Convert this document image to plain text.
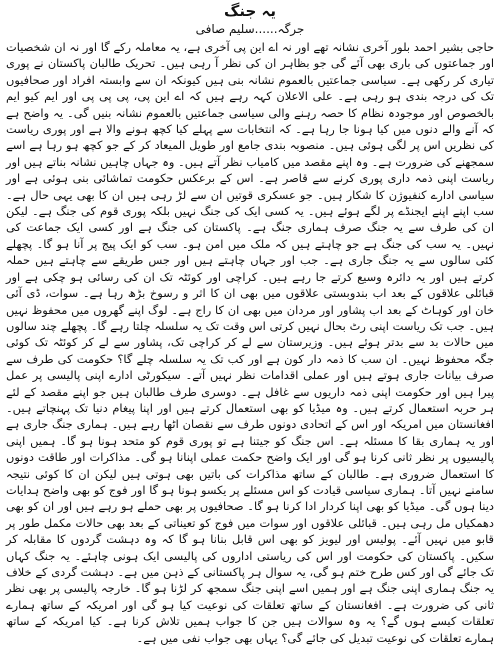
یہ جنگ
جرگہ......سلیم صافی

حاجی بشیر احمد بلور آخری نشانہ تھے اور نہ اے این پی آخری ہے، یہ معاملہ رکے گا اور نہ ان شخصیات اور جماعتوں کی باری بھی آئے گی جو بظاہر ان کی نظر آ رہی ہیں۔ تحریک طالبان پاکستان نے پوری تیاری کر رکھی ہے۔ سیاسی جماعتیں بالعموم نشانہ بنی ہیں کیونکہ ان سے وابستہ افراد اور صحافیوں تک کی درجہ بندی ہو رہی ہے۔ علی الاعلان کہہ رہے ہیں کہ اے این پی، پی پی پی اور ایم کیو ایم بالخصوص اور موجودہ نظام کا حصہ رہنے والی سیاسی جماعتیں بالعموم نشانہ بنیں گی۔ یہ واضح ہے کہ آنے والے دنوں میں کیا ہونا جا رہا ہے۔ کہ انتخابات سے پہلے کیا کچھ ہونے والا ہے اور پوری ریاست کی نظریں اس پر لگی ہوئی ہیں۔ منصوبہ بندی جامع اور طویل المیعاد کر کے جو کچھ ہو رہا ہے اسے سمجھنے کی ضرورت ہے۔ وہ اپنے مقصد میں کامیاب نظر آتے ہیں۔ وہ جہاں چاہیں نشانہ بناتے ہیں اور ریاست اپنی ذمہ داری پوری کرنے سے قاصر ہے۔ اس کے برعکس حکومت تماشائی بنی ہوئی ہے اور سیاسی ادارے کنفیوژن کا شکار ہیں۔ جو عسکری قوتیں ان سے لڑ رہی ہیں ان کا بھی یہی حال ہے۔ سب اپنے اپنے ایجنڈے پر لگے ہوئے ہیں۔ یہ کسی ایک کی جنگ نہیں بلکہ پوری قوم کی جنگ ہے۔ لیکن ان کی طرف سے یہ جنگ صرف ہماری جنگ ہے۔ پاکستان کی جنگ ہے اور کسی ایک جماعت کی نہیں۔ یہ سب کی جنگ ہے جو چاہتے ہیں کہ ملک میں امن ہو۔ سب کو ایک پیج پر آنا ہو گا۔ پچھلے کئی سالوں سے یہ جنگ جاری ہے۔ جب اور جہاں چاہتے ہیں اور جس طریقے سے چاہتے ہیں حملہ کرتے ہیں اور یہ دائرہ وسیع کرتے جا رہے ہیں۔ کراچی اور کوئٹہ تک ان کی رسائی ہو چکی ہے اور قبائلی علاقوں کے بعد اب بندوبستی علاقوں میں بھی ان کا اثر و رسوخ بڑھ رہا ہے۔ سوات، ڈی آئی خان اور کوہاٹ کے بعد اب پشاور اور مردان میں بھی ان کا راج ہے۔ لوگ اپنے گھروں میں محفوظ نہیں ہیں۔ جب تک ریاست اپنی رٹ بحال نہیں کرتی اس وقت تک یہ سلسلہ چلتا رہے گا۔ پچھلے چند سالوں میں حالات بد سے بدتر ہوئے ہیں۔ وزیرستان سے لے کر کراچی تک، پشاور سے لے کر کوئٹہ تک کوئی جگہ محفوظ نہیں۔ ان سب کا ذمہ دار کون ہے اور کب تک یہ سلسلہ چلے گا؟ حکومت کی طرف سے صرف بیانات جاری ہوتے ہیں اور عملی اقدامات نظر نہیں آتے۔ سیکورٹی ادارے اپنی پالیسی پر عمل پیرا ہیں اور حکومت اپنی ذمہ داریوں سے غافل ہے۔ دوسری طرف طالبان ہیں جو اپنے مقصد کے لئے ہر حربہ استعمال کرتے ہیں۔ وہ میڈیا کو بھی استعمال کرتے ہیں اور اپنا پیغام دنیا تک پہنچاتے ہیں۔ افغانستان میں امریکہ اور اس کے اتحادی دونوں طرف سے نقصان اٹھا رہے ہیں۔ ہماری جنگ جاری ہے اور یہ ہماری بقا کا مسئلہ ہے۔ اس جنگ کو جیتنا ہے تو پوری قوم کو متحد ہونا ہو گا۔ ہمیں اپنی پالیسیوں پر نظر ثانی کرنا ہو گی اور ایک واضح حکمت عملی اپنانا ہو گی۔ مذاکرات اور طاقت دونوں کا استعمال ضروری ہے۔ طالبان کے ساتھ مذاکرات کی باتیں بھی ہوتی ہیں لیکن ان کا کوئی نتیجہ سامنے نہیں آتا۔ ہماری سیاسی قیادت کو اس مسئلے پر یکسو ہونا ہو گا اور فوج کو بھی واضح ہدایات دینا ہوں گی۔ میڈیا کو بھی اپنا کردار ادا کرنا ہو گا۔ صحافیوں پر بھی حملے ہو رہے ہیں اور ان کو بھی دھمکیاں مل رہی ہیں۔ قبائلی علاقوں اور سوات میں فوج کو تعیناتی کے بعد بھی حالات مکمل طور پر قابو میں نہیں آئے۔ پولیس اور لیویز کو بھی اس قابل بنانا ہو گا کہ وہ دہشت گردوں کا مقابلہ کر سکیں۔ پاکستان کی حکومت اور اس کی ریاستی اداروں کی پالیسی ایک ہونی چاہئے۔ یہ جنگ کہاں تک جائے گی اور کس طرح ختم ہو گی، یہ سوال ہر پاکستانی کے ذہن میں ہے۔ دہشت گردی کے خلاف یہ جنگ ہماری اپنی جنگ ہے اور ہمیں اسے اپنی جنگ سمجھ کر لڑنا ہو گا۔ خارجہ پالیسی پر بھی نظر ثانی کی ضرورت ہے۔ افغانستان کے ساتھ تعلقات کی نوعیت کیا ہو گی اور امریکہ کے ساتھ ہمارے تعلقات کیسے ہوں گے؟ یہ وہ سوالات ہیں جن کا جواب ہمیں تلاش کرنا ہے۔ کیا امریکہ کے ساتھ ہمارے تعلقات کی نوعیت تبدیل کی جائے گی؟ یہاں بھی جواب نفی میں ہے۔
